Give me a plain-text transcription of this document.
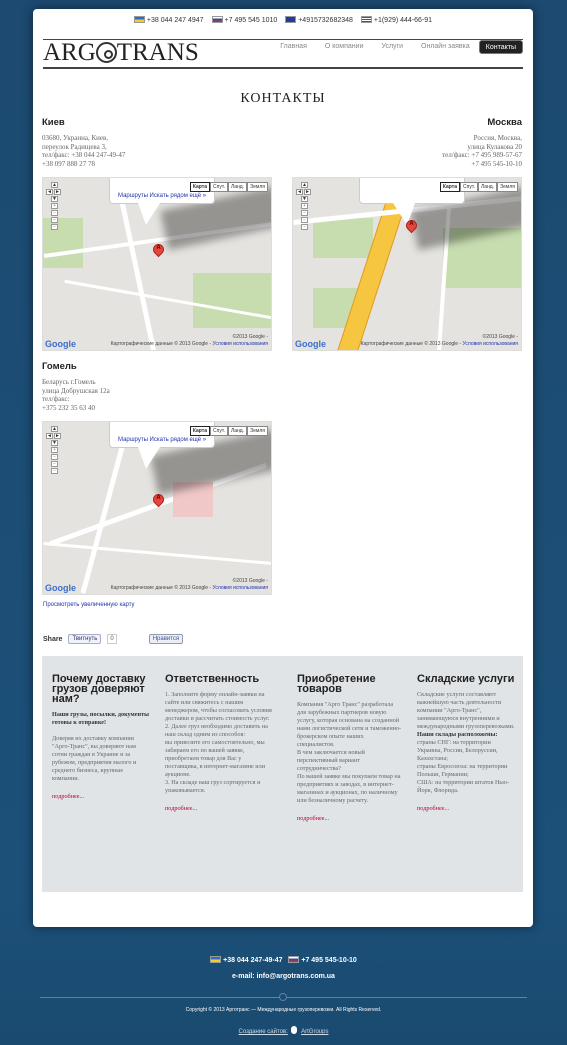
+38 044 247 4947	+7 495 545 1010	+4915732682348	+1(929) 444-66-91
ARG TRANS	Главная	О компании	Услуги	Онлайн заявка	Контакты
КОНТАКТЫ
Киев
03680, Украина, Киев,
переулок Радищева 3,
тел/факс: +38 044 247-49-47
+38 097 888 27 78
Москва
Россия, Москва,
улица Кулакова 20
тел/факс: +7 495 989-57-67
+7 495 545-10-10
Маршруты Искать рядом ещё »
▲
◄ ►
▼
+
−
−
−
Карта	Спут.	Ланд.	Земля
A
Google
©2013 Google -
Картографические данные © 2013 Google - Условия использования
▲
◄ ►
▼
+
−
−
−
Карта	Спут.	Ланд.	Земля
A
Google
©2013 Google -
Картографические данные © 2013 Google - Условия использования
Гомель
Беларусь г.Гомель
улица Добрушская 12а
тел/факс:
+375 232 35 63 40
Маршруты Искать рядом ещё »
▲
◄ ►
▼
+
−
−
−
Карта	Спут.	Ланд.	Земля
A
Google
©2013 Google -
Картографические данные © 2013 Google - Условия использования
Просмотреть увеличенную карту
Share	Твитнуть	0	Нравится
Почему доставку грузов доверяют нам?
Наши грузы, посылки, документы готовы к отправке!

Доверяя их доставку компании "Арго-Транс", вы доверяют нам сотни граждан в Украине и за рубежом, предприятия малого и среднего бизнеса, крупные компании.

подробнее...
Ответственность

1. Заполните форму онлайн-заявки на сайте или свяжитесь с нашим менеджером, чтобы согласовать условия доставки и рассчитать стоимость услуг.

2. Далее груз необходимо доставить на наш склад одним из способов:

вы привозите его самостоятельно, мы забираем его по вашей заявке,

приобретаем товар для Вас у поставщика, в интернет-магазине или аукционе.

3. На складе ваш груз сортируется и упаковывается.

подробнее...
Приобретение товаров

Компания "Арго Транс" разработала для зарубежных партнеров новую услугу, которая основана на созданной нами логистической сети и таможенно-брокерском опыте наших специалистов.

В чем заключается новый перспективный вариант сотрудничества?

По вашей заявке мы покупаем товар на предприятиях и заводах, в интернет-магазинах и аукционах, по наличному или безналичному расчету.

подробнее...
Складские услуги

Складские услуги составляют важнейшую часть деятельности компании "Арго-Транс", занимающуюся внутренними и международными грузоперевозками.

Наши склады расположены:

страны СНГ: на территории Украины, России, Белоруссии, Казахстана;

страны Евросоюза: на территории Польши, Германии;

США: на территории штатов Нью-Йорк, Флорида.

подробнее...
+38 044 247-49-47	+7 495 545-10-10
e-mail: info@argotrans.com.ua
Copyright © 2013 Арготранс — Международные грузоперевозки. All Rights Reserved.
Создание сайтов: ArtGroups
